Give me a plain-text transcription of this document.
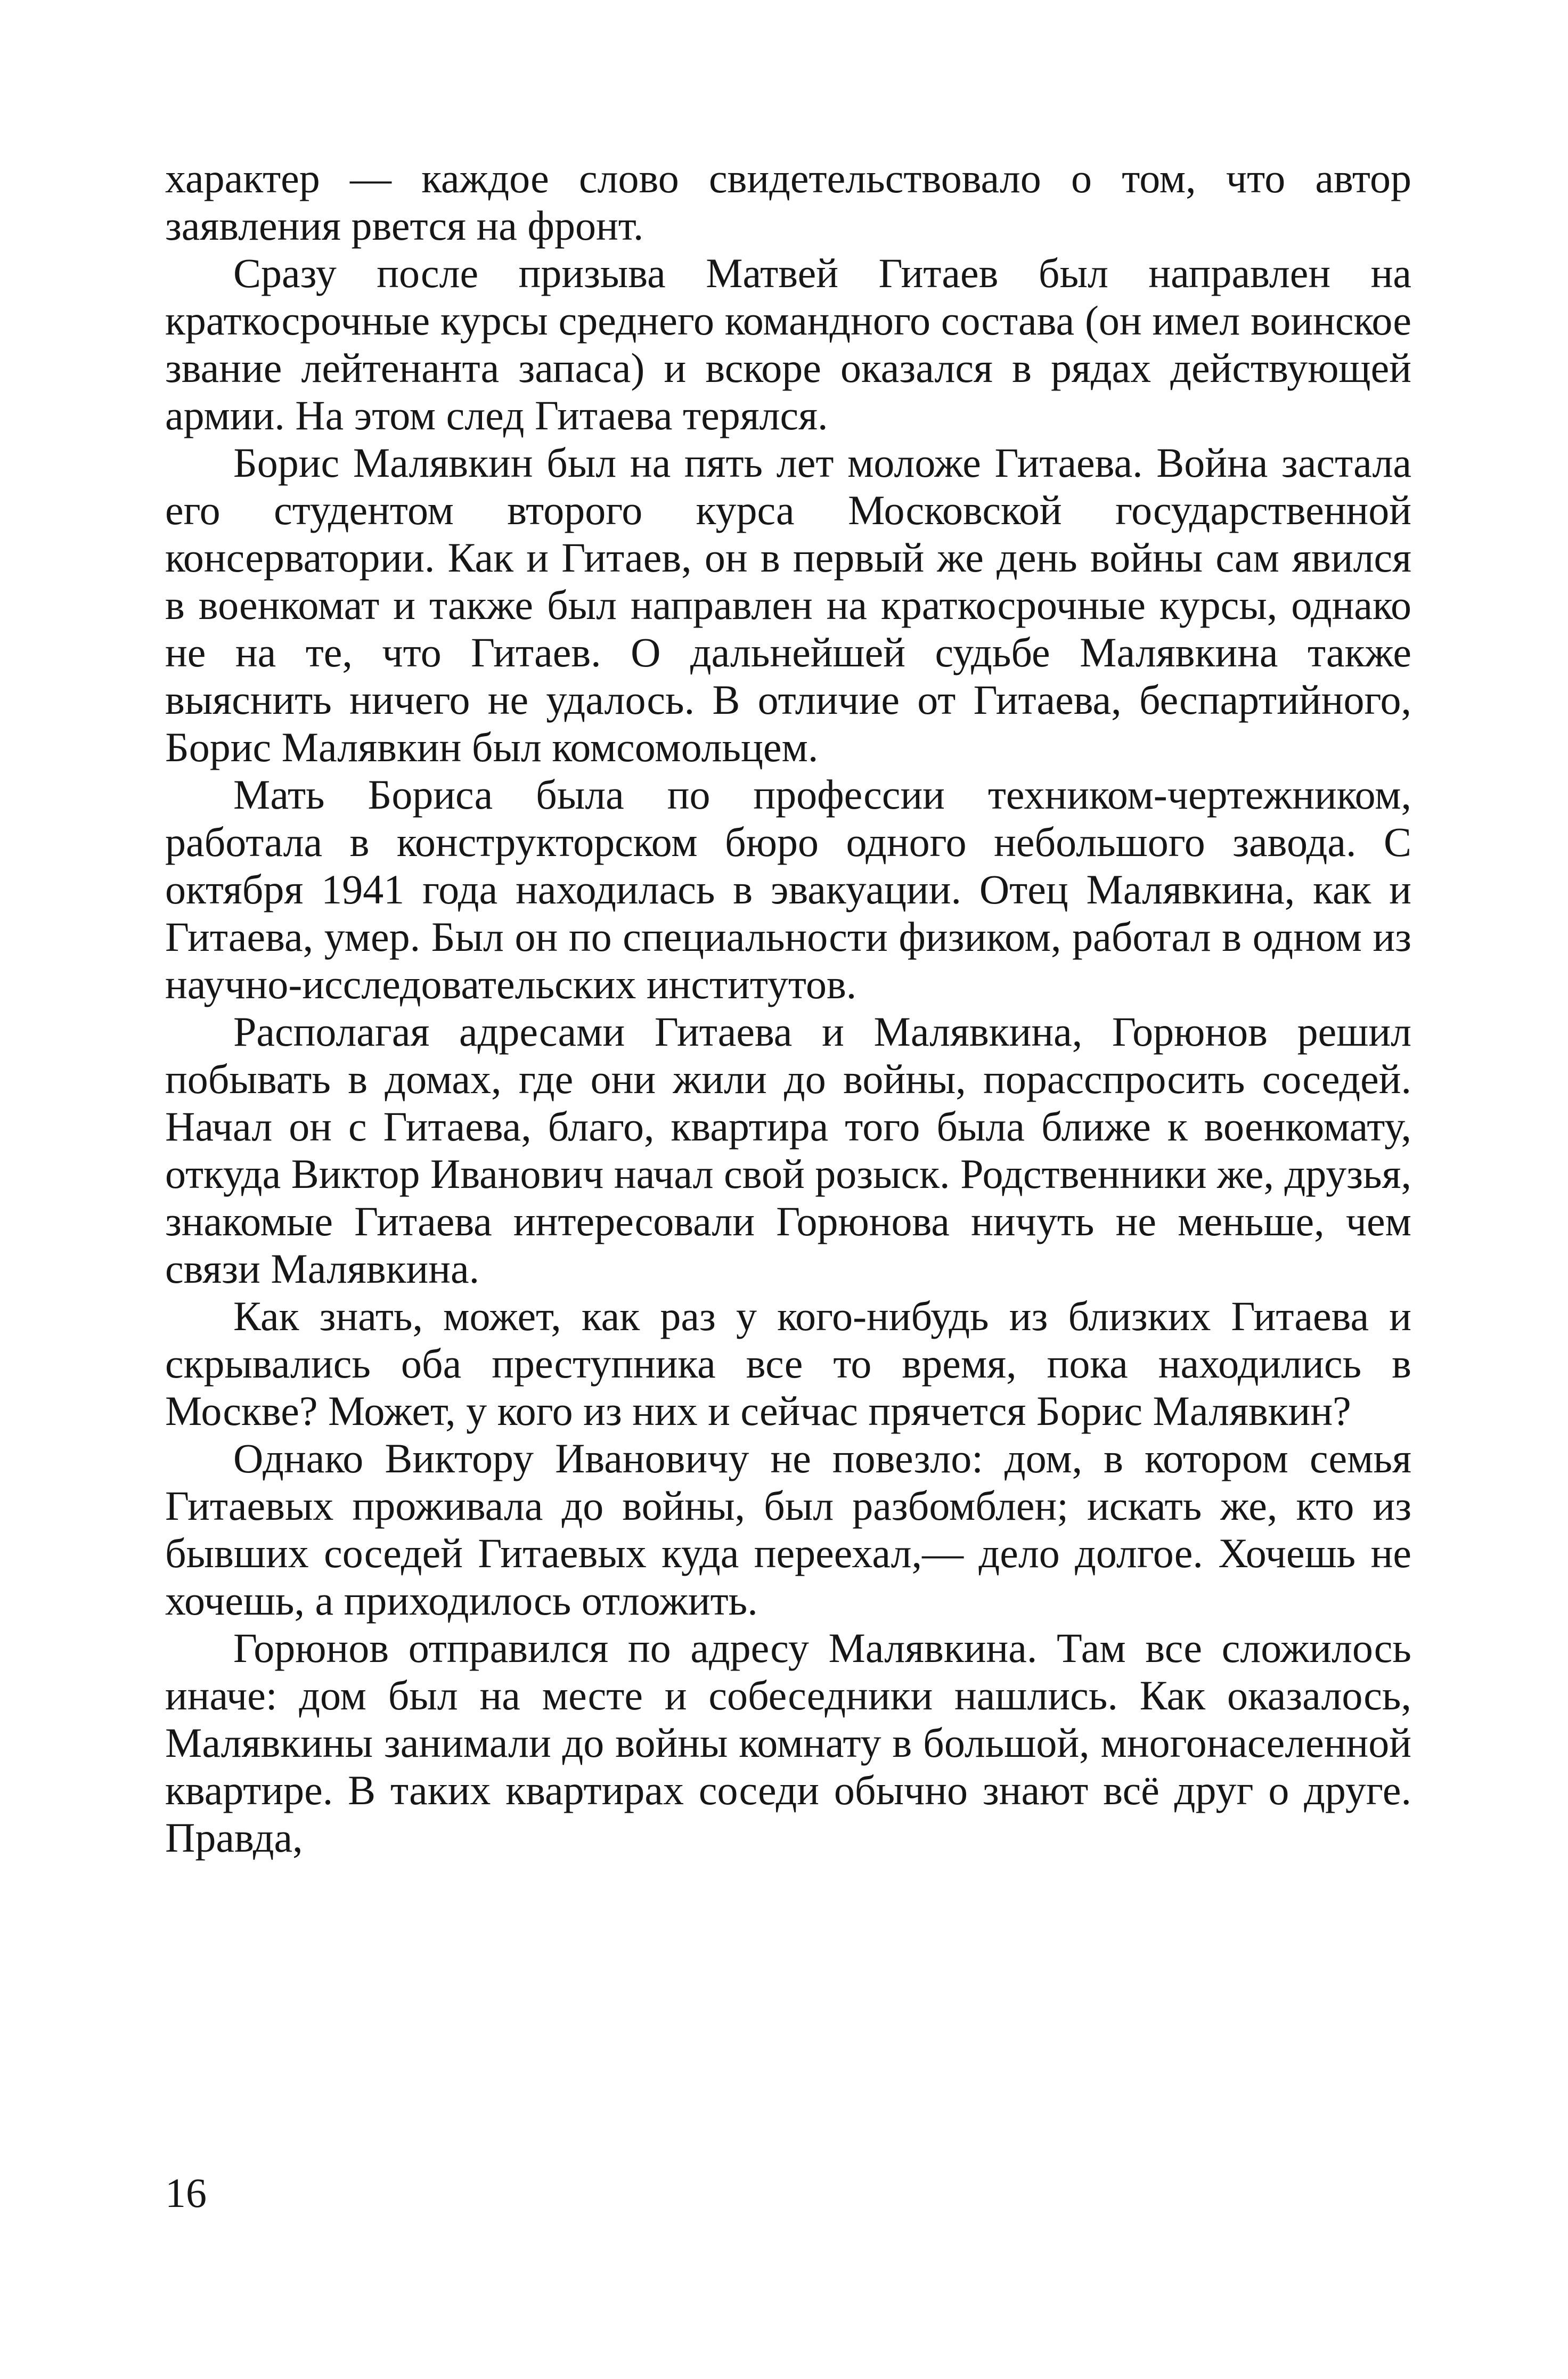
характер — каждое слово свидетельствовало о том, что автор заявления рвется на фронт.

Сразу после призыва Матвей Гитаев был направлен на краткосрочные курсы среднего командного состава (он имел воинское звание лейтенанта запаса) и вскоре оказался в рядах действующей армии. На этом след Гитаева терялся.

Борис Малявкин был на пять лет моложе Гитаева. Война застала его студентом второго курса Московской государственной консерватории. Как и Гитаев, он в первый же день войны сам явился в военкомат и также был направлен на краткосрочные курсы, однако не на те, что Гитаев. О дальнейшей судьбе Малявкина также выяснить ничего не удалось. В отличие от Гитаева, беспартийного, Борис Малявкин был комсомольцем.

Мать Бориса была по профессии техником-чертежником, работала в конструкторском бюро одного небольшого завода. С октября 1941 года находилась в эвакуации. Отец Малявкина, как и Гитаева, умер. Был он по специальности физиком, работал в одном из научно-исследовательских институтов.

Располагая адресами Гитаева и Малявкина, Горюнов решил побывать в домах, где они жили до войны, порасспросить соседей. Начал он с Гитаева, благо, квартира того была ближе к военкомату, откуда Виктор Иванович начал свой розыск. Родственники же, друзья, знакомые Гитаева интересовали Горюнова ничуть не меньше, чем связи Малявкина.

Как знать, может, как раз у кого-нибудь из близких Гитаева и скрывались оба преступника все то время, пока находились в Москве? Может, у кого из них и сейчас прячется Борис Малявкин?

Однако Виктору Ивановичу не повезло: дом, в котором семья Гитаевых проживала до войны, был разбомблен; искать же, кто из бывших соседей Гитаевых куда переехал,— дело долгое. Хочешь не хочешь, а приходилось отложить.

Горюнов отправился по адресу Малявкина. Там все сложилось иначе: дом был на месте и собеседники нашлись. Как оказалось, Малявкины занимали до войны комнату в большой, многонаселенной квартире. В таких квартирах соседи обычно знают всё друг о друге. Правда,

16
